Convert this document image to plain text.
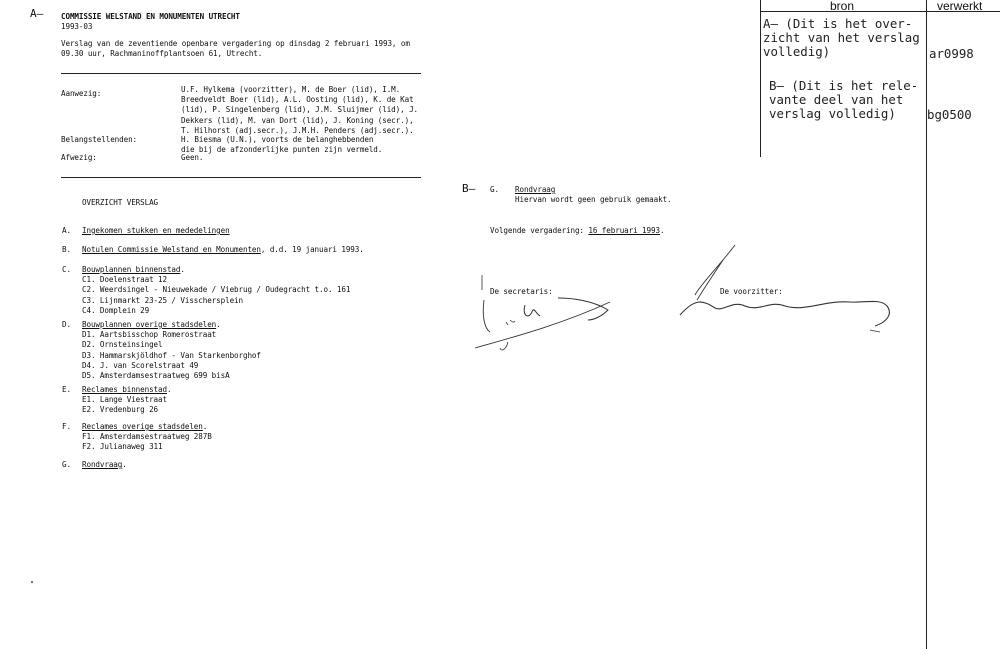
A— COMMISSIE WELSTAND EN MONUMENTEN UTRECHT
1993-03
Verslag van de zeventiende openbare vergadering op dinsdag 2 februari 1993, om
09.30 uur, Rachmaninoffplantsoen 61, Utrecht.
Aanwezig:	U.F. Hylkema (voorzitter), M. de Boer (lid), I.M.
Breedveldt Boer (lid), A.L. Oosting (lid), K. de Kat
(lid), P. Singelenberg (lid), J.M. Sluijmer (lid), J.
Dekkers (lid), M. van Dort (lid), J. Koning (secr.),
T. Hilhorst (adj.secr.), J.M.H. Penders (adj.secr.).
Belangstellenden:	H. Biesma (U.N.), voorts de belanghebbenden
die bij de afzonderlijke punten zijn vermeld.
Afwezig:	Geen.
OVERZICHT VERSLAG
A. Ingekomen stukken en mededelingen
B. Notulen Commissie Welstand en Monumenten, d.d. 19 januari 1993.
C. Bouwplannen binnenstad.
C1. Doelenstraat 12
C2. Weerdsingel - Nieuwekade / Viebrug / Oudegracht t.o. 161
C3. Lijnmarkt 23-25 / Visschersplein
C4. Domplein 29
D. Bouwplannen overige stadsdelen.
D1. Aartsbisschop Romerostraat
D2. Ornsteinsingel
D3. Hammarskjöldhof - Van Starkenborghof
D4. J. van Scorelstraat 49
D5. Amsterdamsestraatweg 699 bisA
E. Reclames binnenstad.
E1. Lange Viestraat
E2. Vredenburg 26
F. Reclames overige stadsdelen.
F1. Amsterdamsestraatweg 287B
F2. Julianaweg 311
G. Rondvraag.
B— G. Rondvraag
Hiervan wordt geen gebruik gemaakt.
Volgende vergadering: 16 februari 1993.
De secretaris:	De voorzitter:
bron	verwerkt
A— (Dit is het over-
zicht van het verslag
volledig)	ar0998
B— (Dit is het rele-
vante deel van het
verslag volledig)	bg0500
